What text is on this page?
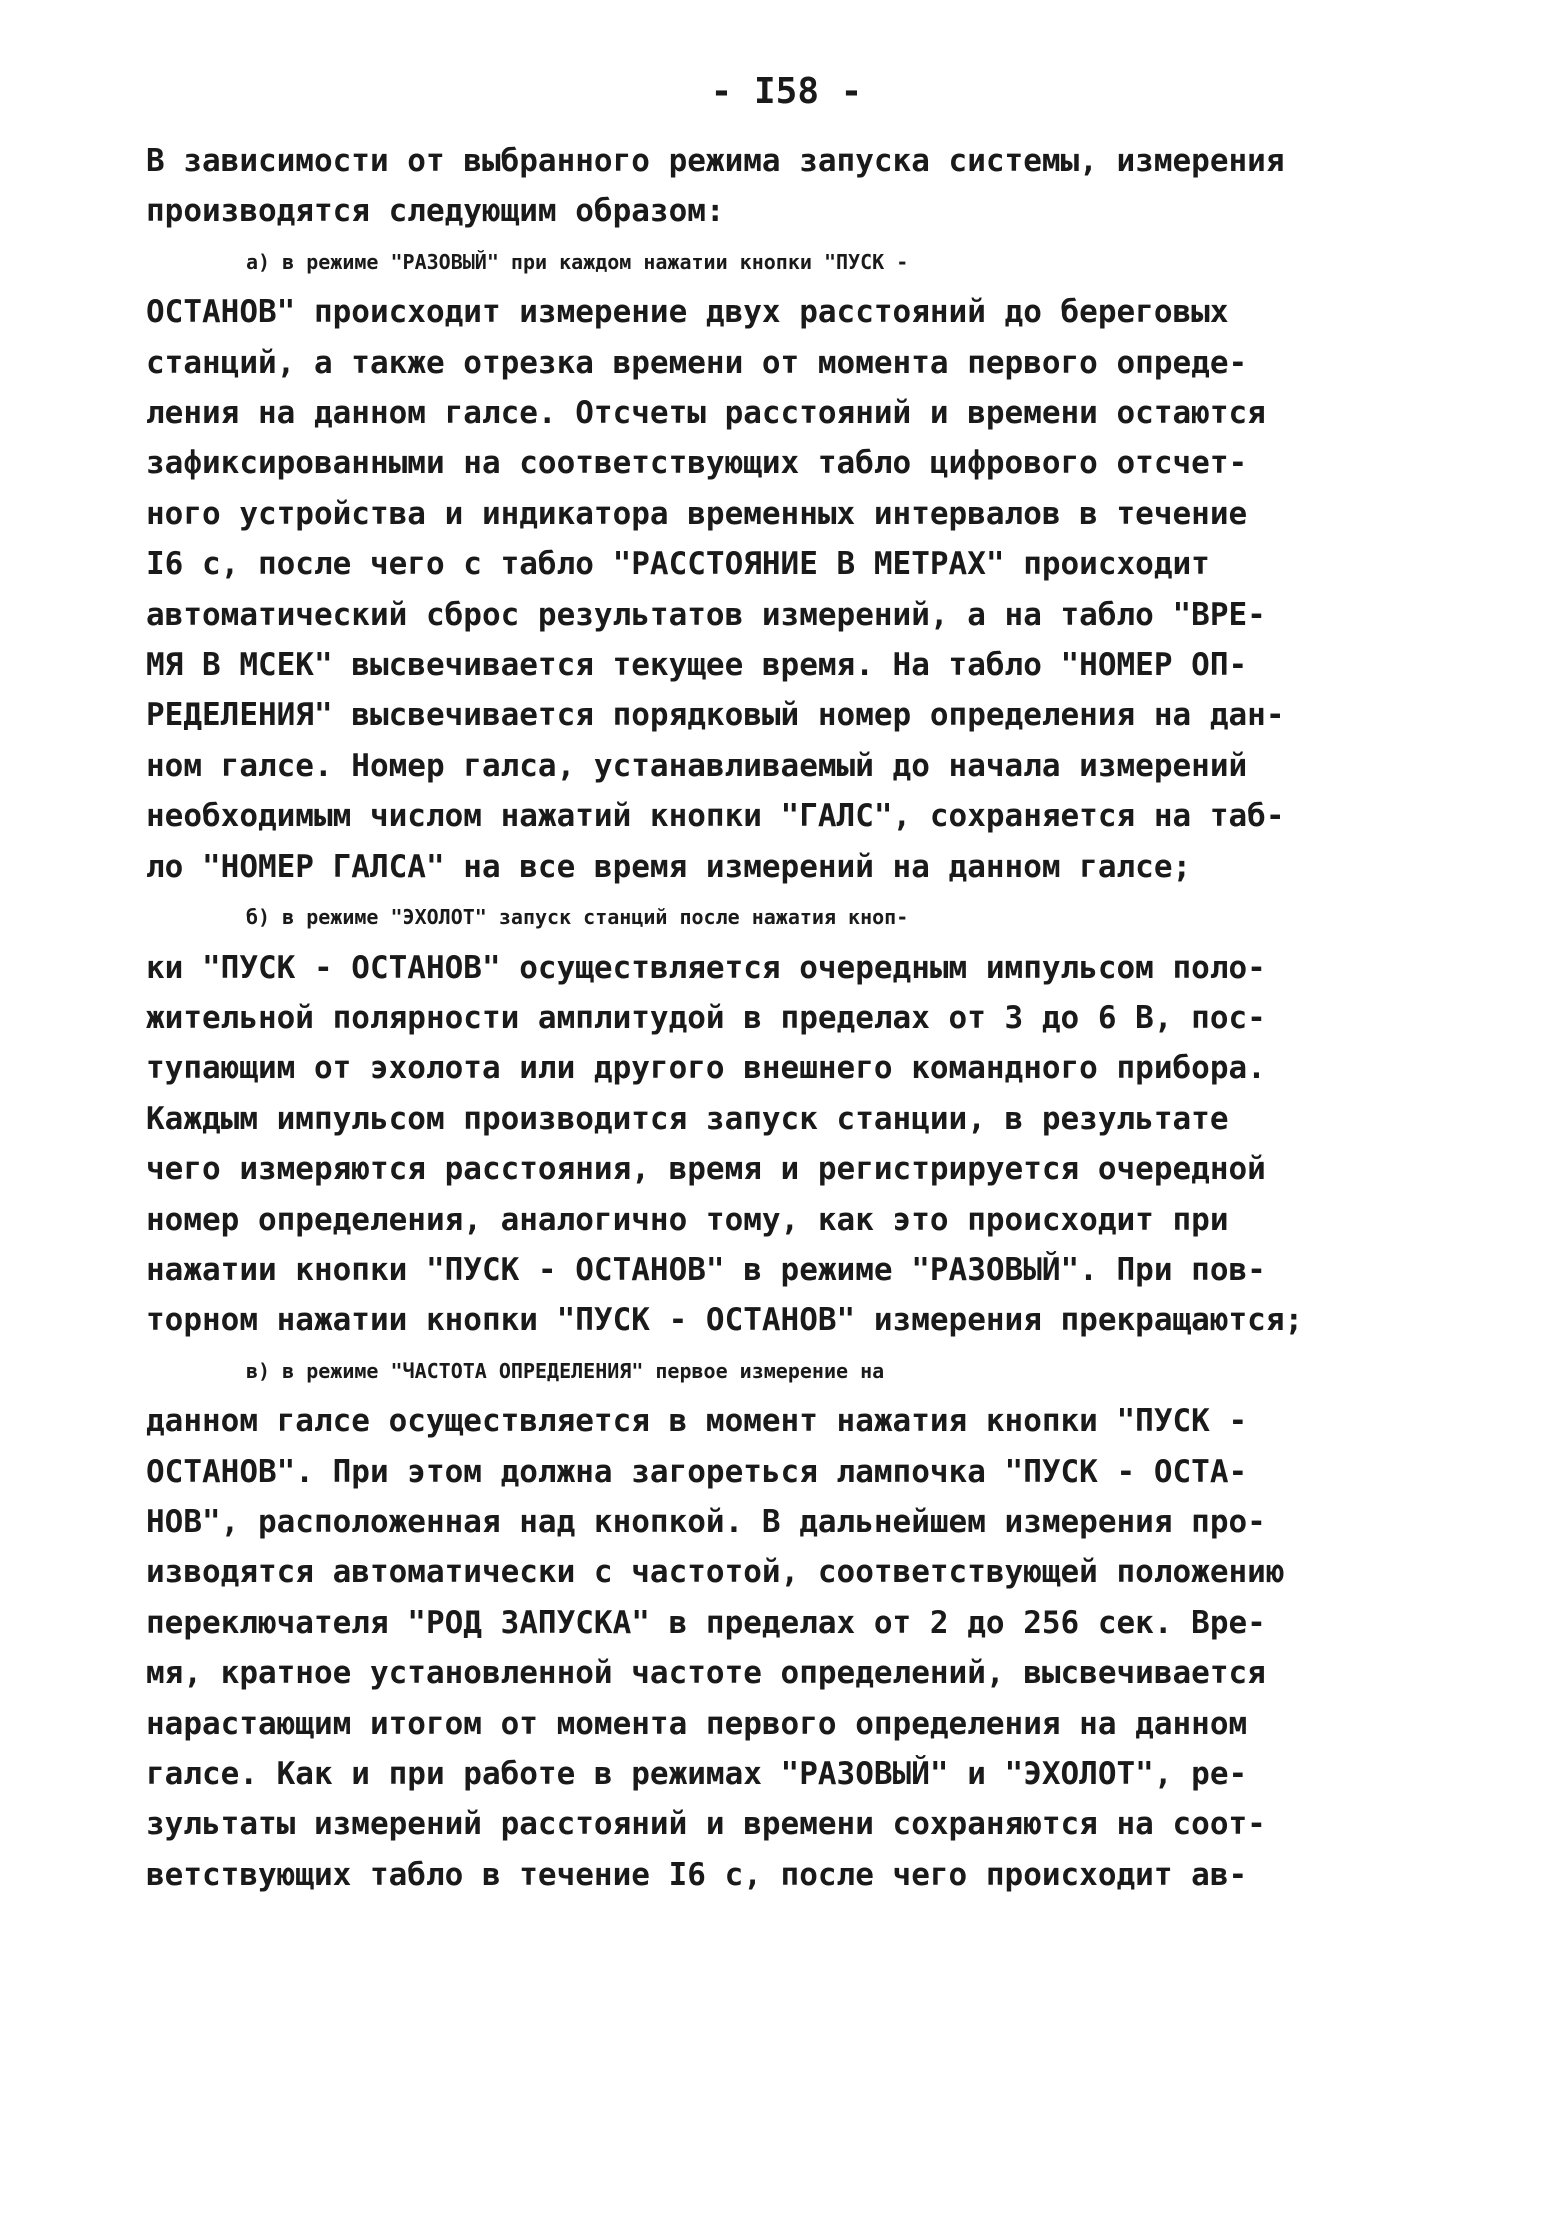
- I58 -
В зависимости от выбранного режима запуска системы, измерения
производятся следующим образом:
а) в режиме "РАЗОВЫЙ" при каждом нажатии кнопки "ПУСК -
ОСТАНОВ" происходит измерение двух расстояний до береговых
станций, а также отрезка времени от момента первого опреде-
ления на данном галсе. Отсчеты расстояний и времени остаются
зафиксированными на соответствующих табло цифрового отсчет-
ного устройства и индикатора временных интервалов в течение
I6 с, после чего с табло "РАССТОЯНИЕ В МЕТРАХ" происходит
автоматический сброс результатов измерений, а на табло "ВРЕ-
МЯ В МСЕК" высвечивается текущее время. На табло "НОМЕР ОП-
РЕДЕЛЕНИЯ" высвечивается порядковый номер определения на дан-
ном галсе. Номер галса, устанавливаемый до начала измерений
необходимым числом нажатий кнопки "ГАЛС", сохраняется на таб-
ло "НОМЕР ГАЛСА" на все время измерений на данном галсе;
б) в режиме "ЭХОЛОТ" запуск станций после нажатия кноп-
ки "ПУСК - ОСТАНОВ" осуществляется очередным импульсом поло-
жительной полярности амплитудой в пределах от 3 до 6 В, пос-
тупающим от эхолота или другого внешнего командного прибора.
Каждым импульсом производится запуск станции, в результате
чего измеряются расстояния, время и регистрируется очередной
номер определения, аналогично тому, как это происходит при
нажатии кнопки "ПУСК - ОСТАНОВ" в режиме "РАЗОВЫЙ". При пов-
торном нажатии кнопки "ПУСК - ОСТАНОВ" измерения прекращаются;
в) в режиме "ЧАСТОТА ОПРЕДЕЛЕНИЯ" первое измерение на
данном галсе осуществляется в момент нажатия кнопки "ПУСК -
ОСТАНОВ". При этом должна загореться лампочка "ПУСК - ОСТА-
НОВ", расположенная над кнопкой. В дальнейшем измерения про-
изводятся автоматически с частотой, соответствующей положению
переключателя "РОД ЗАПУСКА" в пределах от 2 до 256 сек. Вре-
мя, кратное установленной частоте определений, высвечивается
нарастающим итогом от момента первого определения на данном
галсе. Как и при работе в режимах "РАЗОВЫЙ" и "ЭХОЛОТ", ре-
зультаты измерений расстояний и времени сохраняются на соот-
ветствующих табло в течение I6 с, после чего происходит ав-
